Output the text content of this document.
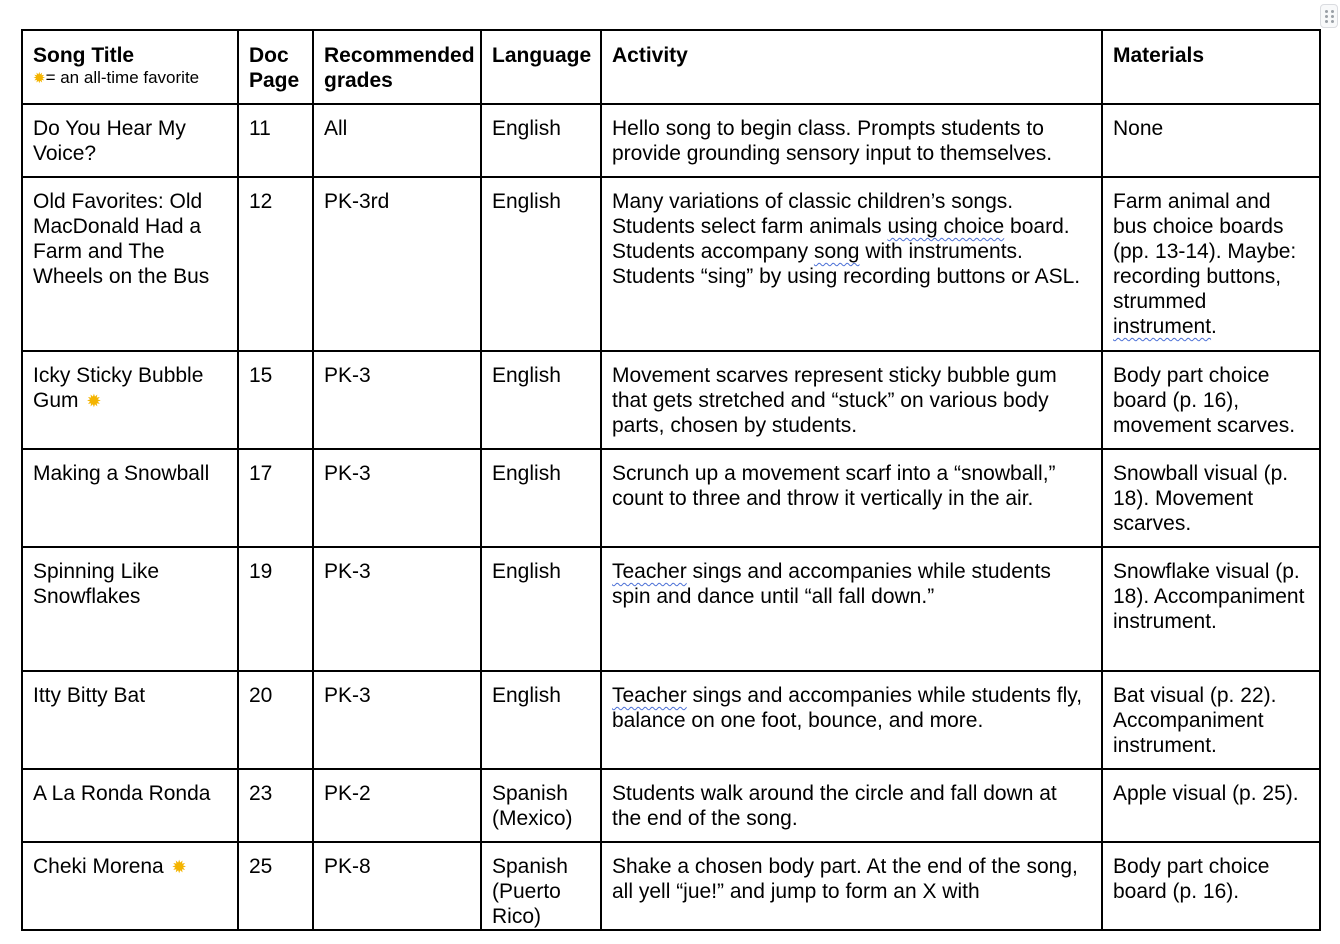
Song Title
✹= an all-time favorite	Doc Page	Recommended grades	Language	Activity	Materials
Do You Hear My Voice?	11	All	English	Hello song to begin class. Prompts students to provide grounding sensory input to themselves.	None
Old Favorites: Old MacDonald Had a Farm and The Wheels on the Bus	12	PK-3rd	English	Many variations of classic children’s songs. Students select farm animals using choice board. Students accompany song with instruments. Students “sing” by using recording buttons or ASL.	Farm animal and bus choice boards (pp. 13-14). Maybe: recording buttons, strummed instrument.
Icky Sticky Bubble Gum ✹	15	PK-3	English	Movement scarves represent sticky bubble gum that gets stretched and “stuck” on various body parts, chosen by students.	Body part choice board (p. 16), movement scarves.
Making a Snowball	17	PK-3	English	Scrunch up a movement scarf into a “snowball,” count to three and throw it vertically in the air.	Snowball visual (p. 18). Movement scarves.
Spinning Like Snowflakes	19	PK-3	English	Teacher sings and accompanies while students spin and dance until “all fall down.”	Snowflake visual (p. 18). Accompaniment instrument.
Itty Bitty Bat	20	PK-3	English	Teacher sings and accompanies while students fly, balance on one foot, bounce, and more.	Bat visual (p. 22). Accompaniment instrument.
A La Ronda Ronda	23	PK-2	Spanish (Mexico)	Students walk around the circle and fall down at the end of the song.	Apple visual (p. 25).
Cheki Morena ✹	25	PK-8	Spanish (Puerto Rico)	Shake a chosen body part. At the end of the song, all yell “jue!” and jump to form an X with	Body part choice board (p. 16).
